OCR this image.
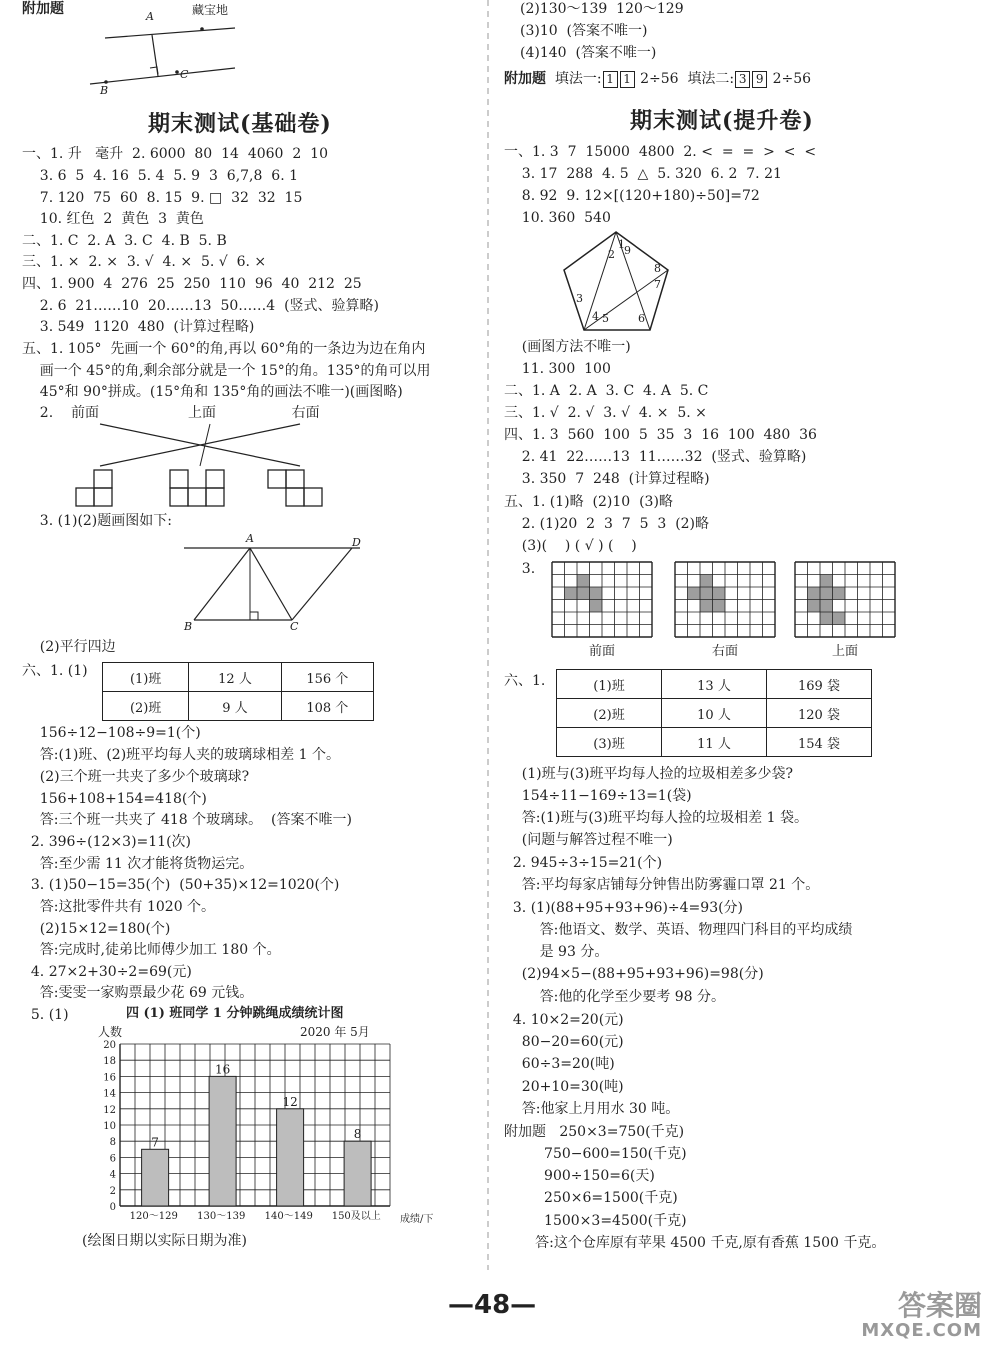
附加题	A
B
C
藏宝地
期末测试(基础卷)
一、1. 升   毫升  2. 6000  80  14  4060  2  10
3. 6  5  4. 16  5. 4  5. 9  3  6,7,8  6. 1
7. 120  75  60  8. 15  9. □  32  32  15
10. 红色  2  黄色  3  黄色
二、1. C  2. A  3. C  4. B  5. B
三、1. ×  2. ×  3. √  4. ×  5. √  6. ×
四、1. 900  4  276  25  250  110  96  40  212  25
2. 6  21……10  20……13  50……4  (竖式、验算略)
3. 549  1120  480  (计算过程略)
五、1. 105°  先画一个 60°的角,再以 60°角的一条边为边在角内
画一个 45°的角,剩余部分就是一个 15°的角。135°的角可以用
45°和 90°拼成。(15°角和 135°角的画法不唯一)(画图略)
2.    前面                    上面                 右面
3. (1)(2)题画图如下:
A
B	C
D
(2)平行四边
六、1. (1)	(1)班	12 人	156 个
(2)班	9 人	108 个
156÷12−108÷9=1(个)
答:(1)班、(2)班平均每人夹的玻璃球相差 1 个。
(2)三个班一共夹了多少个玻璃球?
156+108+154=418(个)
答:三个班一共夹了 418 个玻璃球。  (答案不唯一)
2. 396÷(12×3)=11(次)
答:至少需 11 次才能将货物运完。
3. (1)50−15=35(个)  (50+35)×12=1020(个)
答:这批零件共有 1020 个。
(2)15×12=180(个)
答:完成时,徒弟比师傅少加工 180 个。
4. 27×2+30÷2=69(元)
答:雯雯一家购票最少花 69 元钱。
5. (1)	四 (1) 班同学 1 分钟跳绳成绩统计图
人数	2020 年 5月
0
2
4
6
8
10
12
14
16
18
20
7
120～129
16
130～139
12
140～149
8
150及以上 成绩/下
(绘图日期以实际日期为准)
(2)130～139  120～129
(3)10  (答案不唯一)
(4)140  (答案不唯一)
附加题 填法一: 1 1 2÷56 填法二: 3 9 2÷56
期末测试(提升卷)
一、1. 3  7  15000  4800  2. <  =  =  >  <  <
3. 17  288  4. 5  △  5. 320  6. 2  7. 21
8. 92  9. 12×[(120+180)÷50]=72
10. 360  540
1
2
3
4 5	6
7
8
9
(画图方法不唯一)
11. 300  100
二、1. A  2. A  3. C  4. A  5. C
三、1. √  2. √  3. √  4. ×  5. ×
四、1. 3  560  100  5  35  3  16  100  480  36
2. 41  22……13  11……32  (竖式、验算略)
3. 350  7  248  (计算过程略)
五、1. (1)略  (2)10  (3)略
2. (1)20  2  3  7  5  3  (2)略
(3)(    ) ( √ ) (    )
3.
前面	右面	上面
六、1.	(1)班	13 人	169 袋
(2)班	10 人	120 袋
(3)班	11 人	154 袋
(1)班与(3)班平均每人捡的垃圾相差多少袋?
154÷11−169÷13=1(袋)
答:(1)班与(3)班平均每人捡的垃圾相差 1 袋。
(问题与解答过程不唯一)
2. 945÷3÷15=21(个)
答:平均每家店铺每分钟售出防雾霾口罩 21 个。
3. (1)(88+95+93+96)÷4=93(分)
答:他语文、数学、英语、物理四门科目的平均成绩
是 93 分。
(2)94×5−(88+95+93+96)=98(分)
答:他的化学至少要考 98 分。
4. 10×2=20(元)
80−20=60(元)
60÷3=20(吨)
20+10=30(吨)
答:他家上月用水 30 吨。
附加题   250×3=750(千克)
750−600=150(千克)
900÷150=6(天)
250×6=1500(千克)
1500×3=4500(千克)
答:这个仓库原有苹果 4500 千克,原有香蕉 1500 千克。
—48—	答案圈
MXQE.COM
